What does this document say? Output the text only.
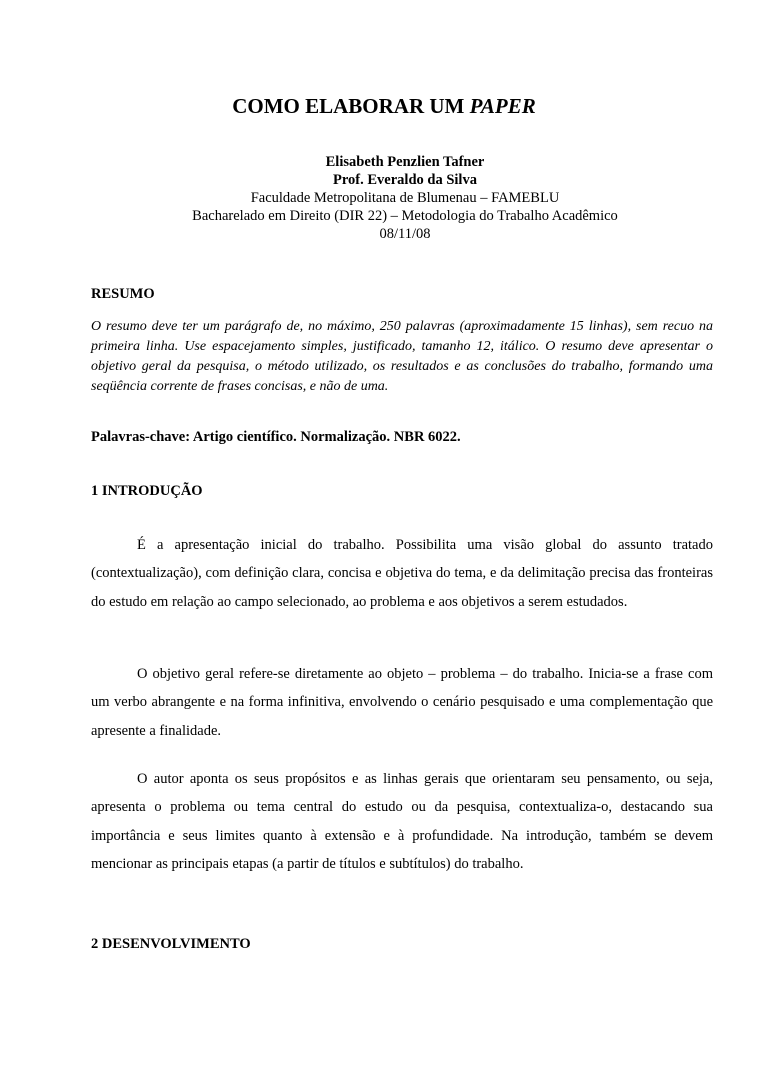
COMO ELABORAR UM PAPER
Elisabeth Penzlien Tafner
Prof. Everaldo da Silva
Faculdade Metropolitana de Blumenau – FAMEBLU
Bacharelado em Direito (DIR 22) – Metodologia do Trabalho Acadêmico
08/11/08
RESUMO

O resumo deve ter um parágrafo de, no máximo, 250 palavras (aproximadamente 15 linhas), sem recuo na primeira linha. Use espacejamento simples, justificado, tamanho 12, itálico. O resumo deve apresentar o objetivo geral da pesquisa, o método utilizado, os resultados e as conclusões do trabalho, formando uma seqüência corrente de frases concisas, e não de uma.

Palavras-chave: Artigo científico. Normalização. NBR 6022.
1 INTRODUÇÃO

É a apresentação inicial do trabalho. Possibilita uma visão global do assunto tratado (contextualização), com definição clara, concisa e objetiva do tema, e da delimitação precisa das fronteiras do estudo em relação ao campo selecionado, ao problema e aos objetivos a serem estudados.

O objetivo geral refere-se diretamente ao objeto – problema – do trabalho. Inicia-se a frase com um verbo abrangente e na forma infinitiva, envolvendo o cenário pesquisado e uma complementação que apresente a finalidade.

O autor aponta os seus propósitos e as linhas gerais que orientaram seu pensamento, ou seja, apresenta o problema ou tema central do estudo ou da pesquisa, contextualiza-o, destacando sua importância e seus limites quanto à extensão e à profundidade. Na introdução, também se devem mencionar as principais etapas (a partir de títulos e subtítulos) do trabalho.

2 DESENVOLVIMENTO
